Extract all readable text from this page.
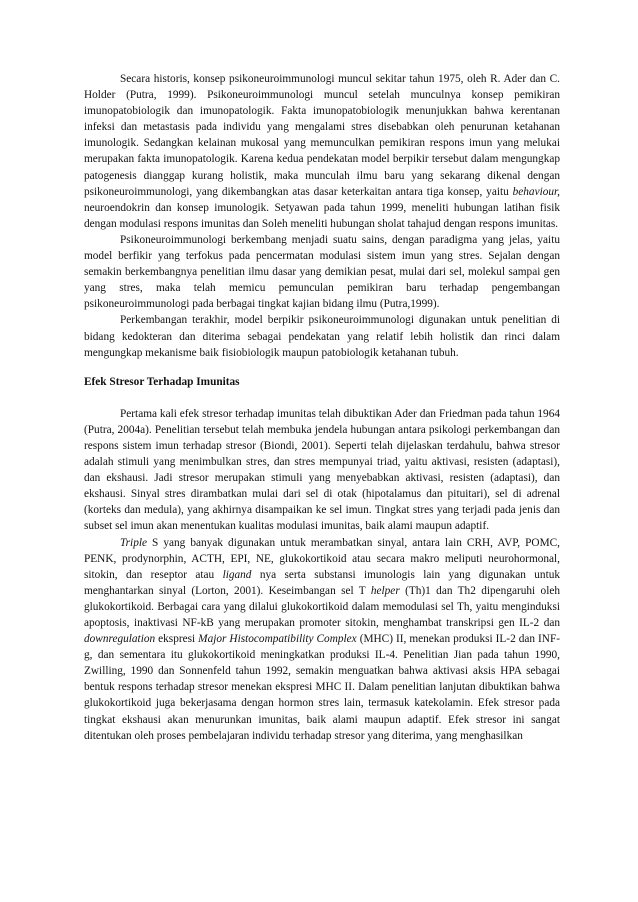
Secara historis, konsep psikoneuroimmunologi muncul sekitar tahun 1975, oleh R. Ader dan C. Holder (Putra, 1999). Psikoneuroimmunologi muncul setelah munculnya konsep pemikiran imunopatobiologik dan imunopatologik. Fakta imunopatobiologik menunjukkan bahwa kerentanan infeksi dan metastasis pada individu yang mengalami stres disebabkan oleh penurunan ketahanan imunologik. Sedangkan kelainan mukosal yang memunculkan pemikiran respons imun yang melukai merupakan fakta imunopatologik. Karena kedua pendekatan model berpikir tersebut dalam mengungkap patogenesis dianggap kurang holistik, maka munculah ilmu baru yang sekarang dikenal dengan psikoneuroimmunologi, yang dikembangkan atas dasar keterkaitan antara tiga konsep, yaitu behaviour, neuroendokrin dan konsep imunologik. Setyawan pada tahun 1999, meneliti hubungan latihan fisik dengan modulasi respons imunitas dan Soleh meneliti hubungan sholat tahajud dengan respons imunitas.

Psikoneuroimmunologi berkembang menjadi suatu sains, dengan paradigma yang jelas, yaitu model berfikir yang terfokus pada pencermatan modulasi sistem imun yang stres. Sejalan dengan semakin berkembangnya penelitian ilmu dasar yang demikian pesat, mulai dari sel, molekul sampai gen yang stres, maka telah memicu pemunculan pemikiran baru terhadap pengembangan psikoneuroimmunologi pada berbagai tingkat kajian bidang ilmu (Putra,1999).

Perkembangan terakhir, model berpikir psikoneuroimmunologi digunakan untuk penelitian di bidang kedokteran dan diterima sebagai pendekatan yang relatif lebih holistik dan rinci dalam mengungkap mekanisme baik fisiobiologik maupun patobiologik ketahanan tubuh.

Efek Stresor Terhadap Imunitas

Pertama kali efek stresor terhadap imunitas telah dibuktikan Ader dan Friedman pada tahun 1964 (Putra, 2004a). Penelitian tersebut telah membuka jendela hubungan antara psikologi perkembangan dan respons sistem imun terhadap stresor (Biondi, 2001). Seperti telah dijelaskan terdahulu, bahwa stresor adalah stimuli yang menimbulkan stres, dan stres mempunyai triad, yaitu aktivasi, resisten (adaptasi), dan ekshausi. Jadi stresor merupakan stimuli yang menyebabkan aktivasi, resisten (adaptasi), dan ekshausi. Sinyal stres dirambatkan mulai dari sel di otak (hipotalamus dan pituitari), sel di adrenal (korteks dan medula), yang akhirnya disampaikan ke sel imun. Tingkat stres yang terjadi pada jenis dan subset sel imun akan menentukan kualitas modulasi imunitas, baik alami maupun adaptif.

Triple S yang banyak digunakan untuk merambatkan sinyal, antara lain CRH, AVP, POMC, PENK, prodynorphin, ACTH, EPI, NE, glukokortikoid atau secara makro meliputi neurohormonal, sitokin, dan reseptor atau ligand nya serta substansi imunologis lain yang digunakan untuk menghantarkan sinyal (Lorton, 2001). Keseimbangan sel T helper (Th)1 dan Th2 dipengaruhi oleh glukokortikoid. Berbagai cara yang dilalui glukokortikoid dalam memodulasi sel Th, yaitu menginduksi apoptosis, inaktivasi NF-kB yang merupakan promoter sitokin, menghambat transkripsi gen IL-2 dan downregulation ekspresi Major Histocompatibility Complex (MHC) II, menekan produksi IL-2 dan INF-g, dan sementara itu glukokortikoid meningkatkan produksi IL-4. Penelitian Jian pada tahun 1990, Zwilling, 1990 dan Sonnenfeld tahun 1992, semakin menguatkan bahwa aktivasi aksis HPA sebagai bentuk respons terhadap stresor menekan ekspresi MHC II. Dalam penelitian lanjutan dibuktikan bahwa glukokortikoid juga bekerjasama dengan hormon stres lain, termasuk katekolamin. Efek stresor pada tingkat ekshausi akan menurunkan imunitas, baik alami maupun adaptif. Efek stresor ini sangat ditentukan oleh proses pembelajaran individu terhadap stresor yang diterima, yang menghasilkan
